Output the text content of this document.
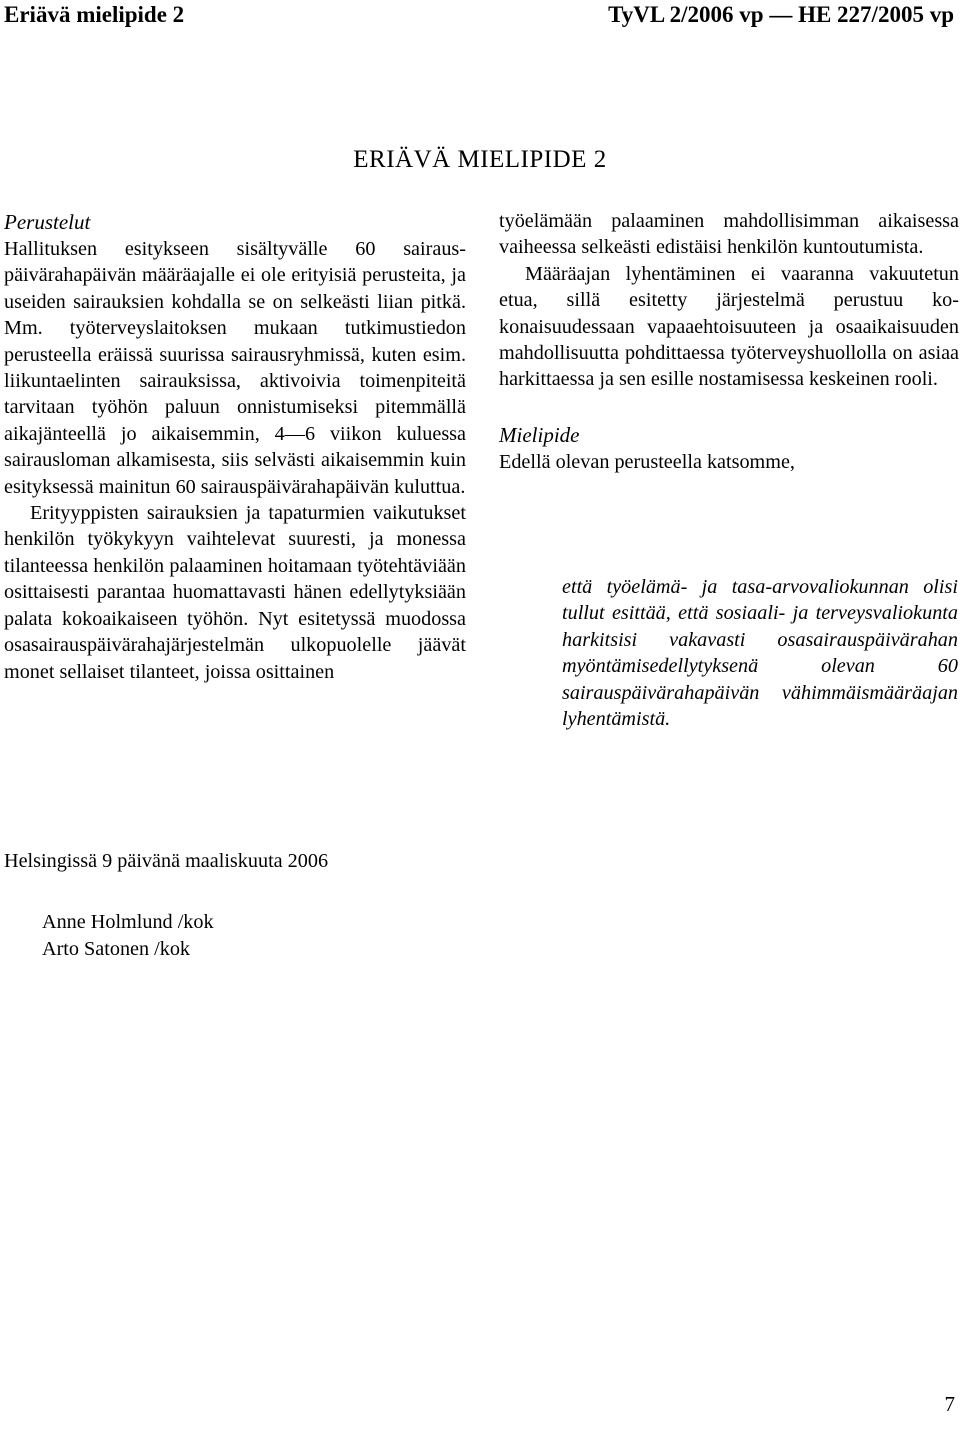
Eriävä mielipide 2	TyVL 2/2006 vp — HE 227/2005 vp
ERIÄVÄ MIELIPIDE 2

Perustelut

Hallituksen esitykseen sisältyvälle 60 sairauspäivärahapäivän määräajalle ei ole erityisiä perusteita, ja useiden sairauksien kohdalla se on selkeästi liian pitkä. Mm. työterveyslaitoksen mukaan tutkimustiedon perusteella eräissä suurissa sairausryhmissä, kuten esim. liikuntaelinten sairauksissa, aktivoivia toimenpiteitä tarvitaan työhön paluun onnistumiseksi pitemmällä aikajänteellä jo aikaisemmin, 4—6 viikon kuluessa sairausloman alkamisesta, siis selvästi aikaisemmin kuin esityksessä mainitun 60 sairauspäivärahapäivän kuluttua.

Erityyppisten sairauksien ja tapaturmien vaikutukset henkilön työkykyyn vaihtelevat suuresti, ja monessa tilanteessa henkilön palaaminen hoitamaan työtehtäviään osittaisesti parantaa huomattavasti hänen edellytyksiään palata kokoaikaiseen työhön. Nyt esitetyssä muodossa osasairauspäivärahajärjestelmän ulkopuolelle jäävät monet sellaiset tilanteet, joissa osittainen

työelämään palaaminen mahdollisimman aikaisessa vaiheessa selkeästi edistäisi henkilön kuntoutumista.

Määräajan lyhentäminen ei vaaranna vakuutetun etua, sillä esitetty järjestelmä perustuu kokonaisuudessaan vapaaehtoisuuteen ja osaaikaisuuden mahdollisuutta pohdittaessa työterveyshuollolla on asiaa harkittaessa ja sen esille nostamisessa keskeinen rooli.

Mielipide

Edellä olevan perusteella katsomme,

että työelämä- ja tasa-arvovaliokunnan olisi tullut esittää, että sosiaali- ja terveysvaliokunta harkitsisi vakavasti osasairauspäivärahan myöntämisedellytyksenä olevan 60 sairauspäivärahapäivän vähimmäismääräajan lyhentämistä.

Helsingissä 9 päivänä maaliskuuta 2006
Anne Holmlund /kok
Arto Satonen /kok
7
